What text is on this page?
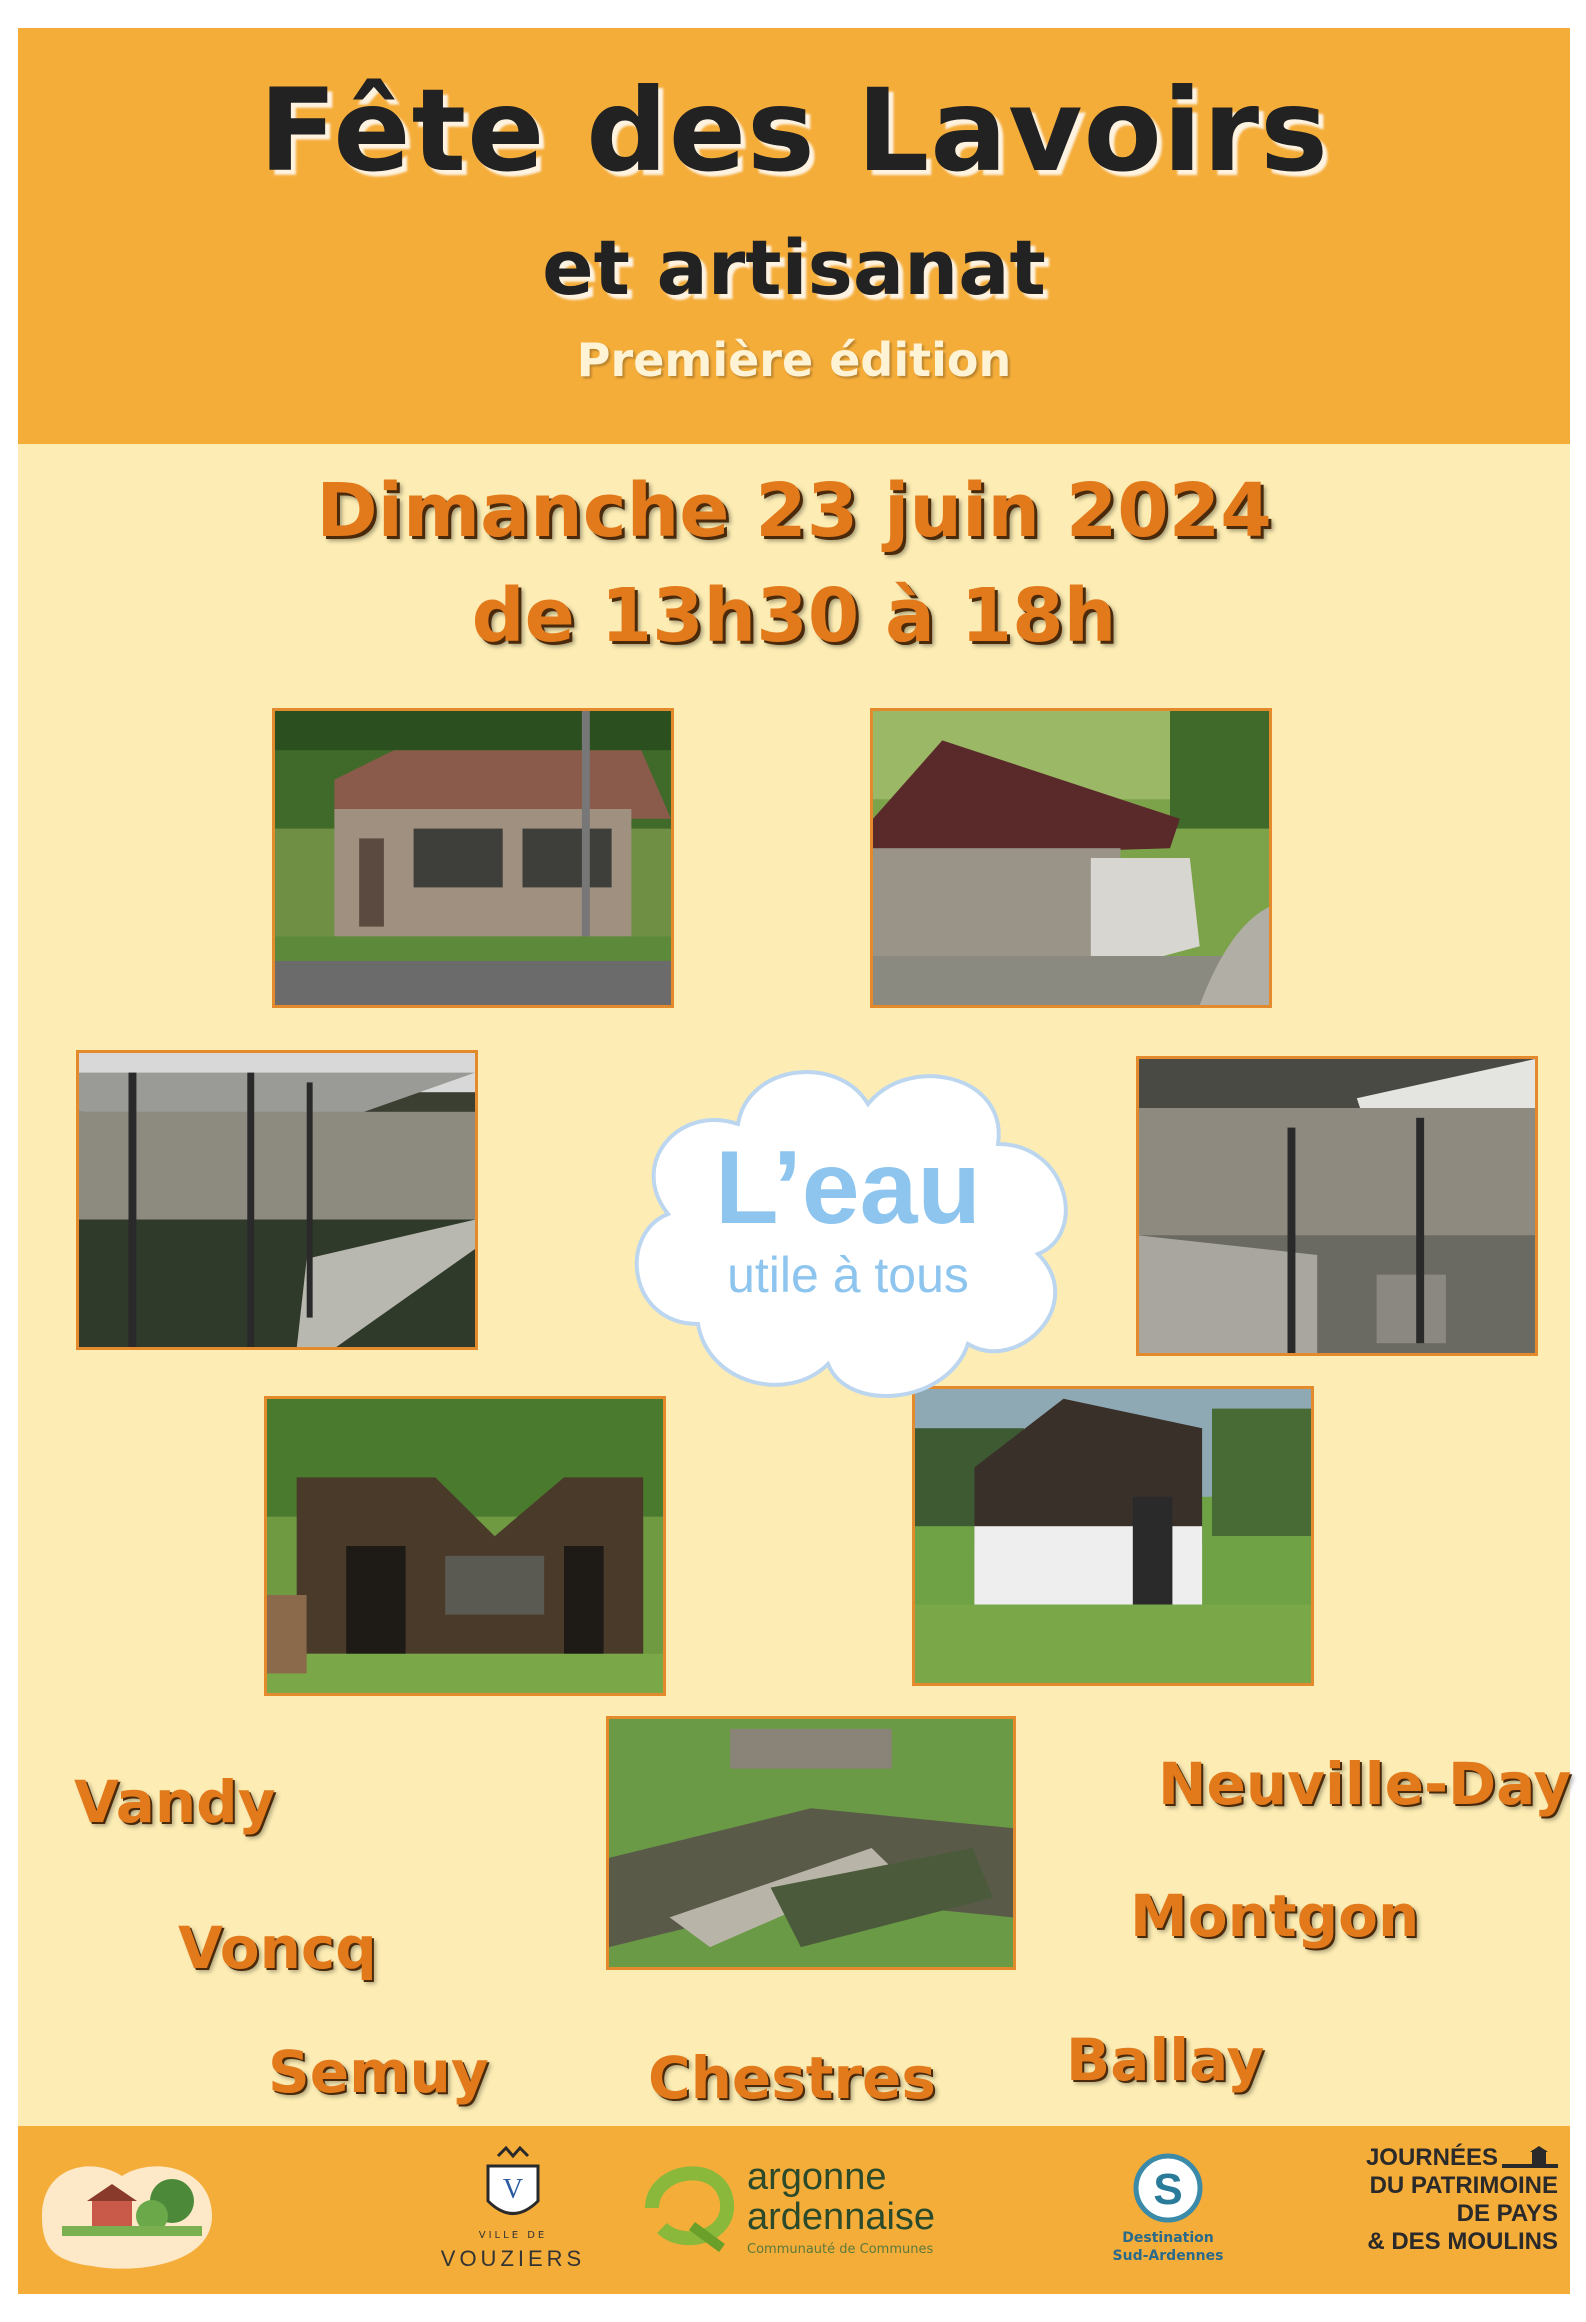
Fête des Lavoirs
et artisanat
Première édition
Dimanche 23 juin 2024
de 13h30 à 18h
L’eau
utile à tous
Vandy
Voncq
Semuy	Chestres
Neuville-Day
Montgon
Ballay
V
VILLE DE
VOUZIERS
argonne
ardennaise
Communauté de Communes
S
Destination
Sud-Ardennes
JOURNÉES
DU PATRIMOINE
DE PAYS
& DES MOULINS
